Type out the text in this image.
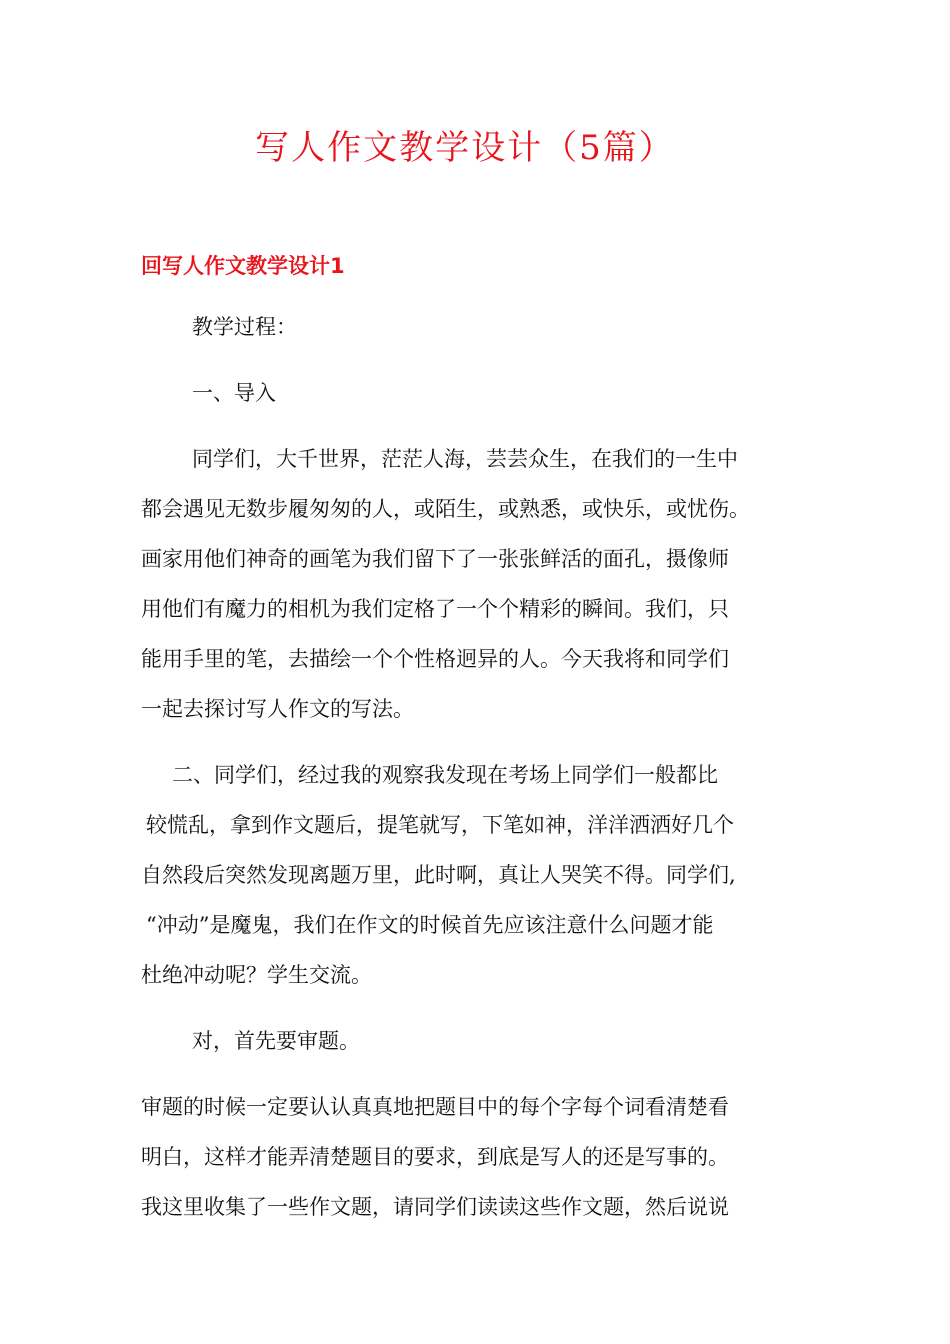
写人作文教学设计（5篇）
回写人作文教学设计1
教学过程：
一、导入
同学们，大千世界，茫茫人海，芸芸众生，在我们的一生中
都会遇见无数步履匆匆的人，或陌生，或熟悉，或快乐，或忧伤。
画家用他们神奇的画笔为我们留下了一张张鲜活的面孔，摄像师
用他们有魔力的相机为我们定格了一个个精彩的瞬间。我们，只
能用手里的笔，去描绘一个个性格迥异的人。今天我将和同学们
一起去探讨写人作文的写法。
二、同学们，经过我的观察我发现在考场上同学们一般都比
较慌乱，拿到作文题后，提笔就写，下笔如神，洋洋洒洒好几个
自然段后突然发现离题万里，此时啊，真让人哭笑不得。同学们,
“冲动”是魔鬼，我们在作文的时候首先应该注意什么问题才能
杜绝冲动呢？学生交流。
对，首先要审题。
审题的时候一定要认认真真地把题目中的每个字每个词看清楚看
明白，这样才能弄清楚题目的要求，到底是写人的还是写事的。
我这里收集了一些作文题，请同学们读读这些作文题，然后说说
